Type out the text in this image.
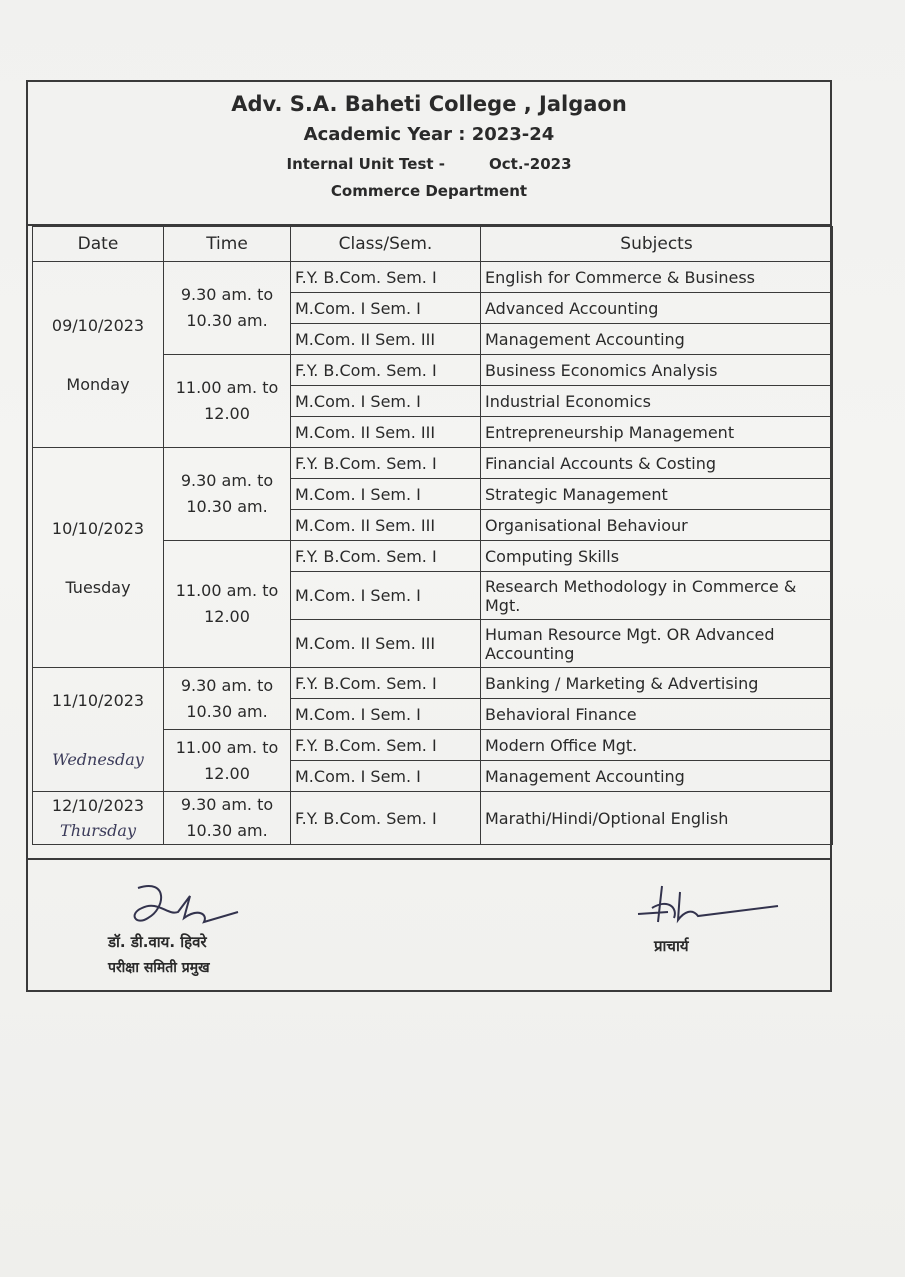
Adv. S.A. Baheti College , Jalgaon
Academic Year : 2023-24
Internal Unit Test -	Oct.-2023
Commerce Department
Date	Time	Class/Sem.	Subjects

09/10/2023
Monday	9.30 am. to 10.30 am.	F.Y. B.Com. Sem. I	English for Commerce & Business
		M.Com. I Sem. I	Advanced Accounting
		M.Com. II Sem. III	Management Accounting
	11.00 am. to 12.00	F.Y. B.Com. Sem. I	Business Economics Analysis
		M.Com. I Sem. I	Industrial Economics
		M.Com. II Sem. III	Entrepreneurship Management

10/10/2023
Tuesday	9.30 am. to 10.30 am.	F.Y. B.Com. Sem. I	Financial Accounts & Costing
		M.Com. I Sem. I	Strategic Management
		M.Com. II Sem. III	Organisational Behaviour
	11.00 am. to 12.00	F.Y. B.Com. Sem. I	Computing Skills
		M.Com. I Sem. I	Research Methodology in Commerce & Mgt.
		M.Com. II Sem. III	Human Resource Mgt. OR Advanced Accounting

11/10/2023
Wednesday	9.30 am. to 10.30 am.	F.Y. B.Com. Sem. I	Banking / Marketing & Advertising
		M.Com. I Sem. I	Behavioral Finance
	11.00 am. to 12.00	F.Y. B.Com. Sem. I	Modern Office Mgt.
		M.Com. I Sem. I	Management Accounting

12/10/2023
Thursday	9.30 am. to 10.30 am.	F.Y. B.Com. Sem. I	Marathi/Hindi/Optional English
डॉ. डी.वाय. हिवरे
परीक्षा समिती प्रमुख
प्राचार्य
